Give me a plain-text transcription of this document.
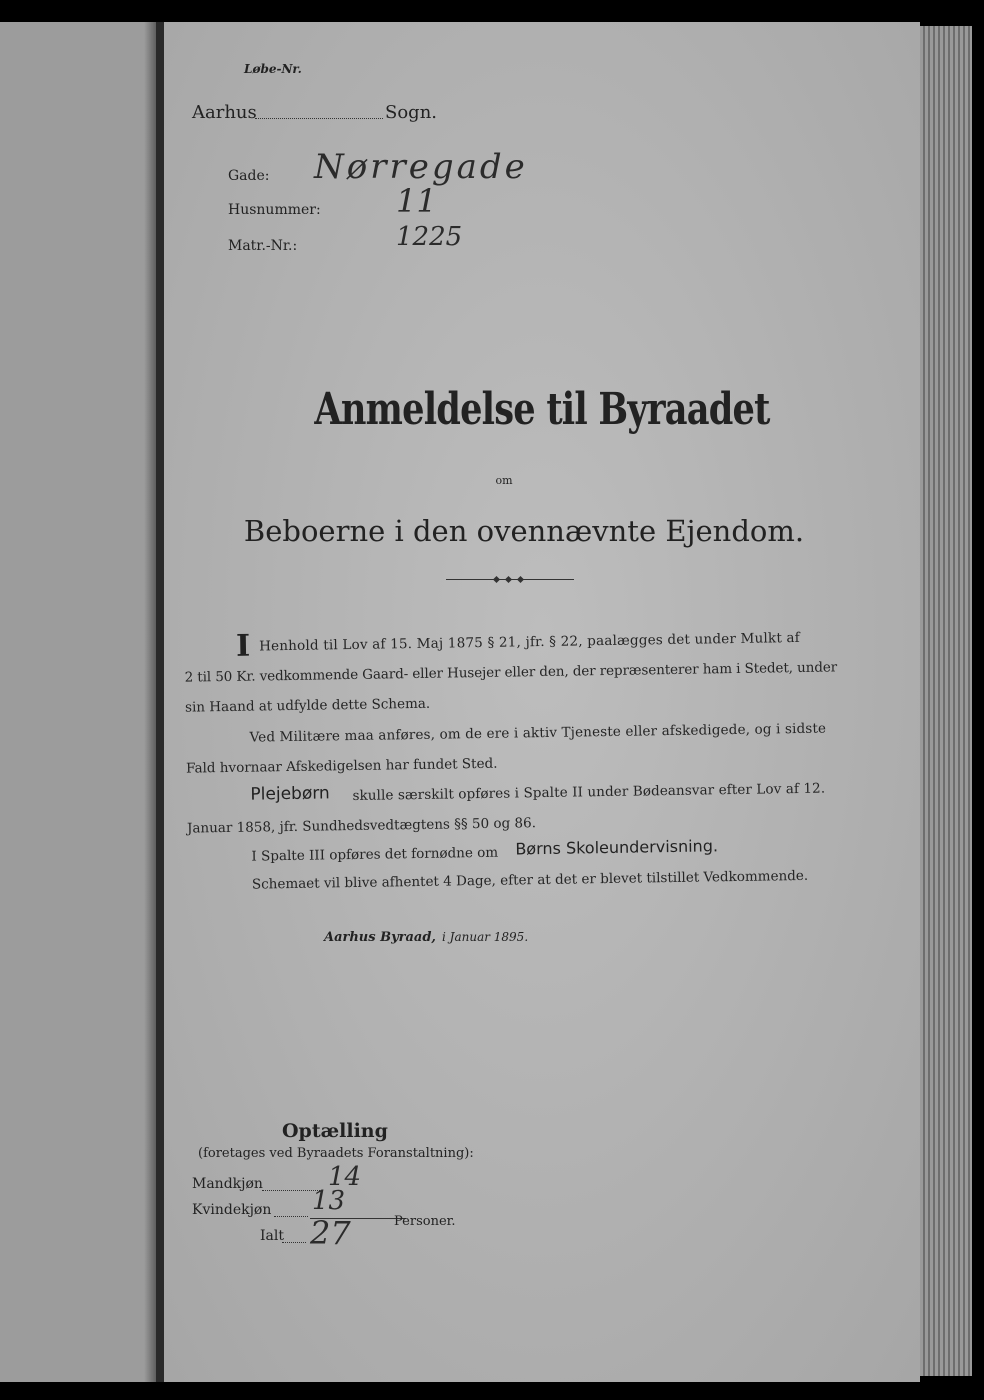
Løbe-Nr.
Aarhus	Sogn.
Gade: Nørregade
Husnummer: 11
Matr.-Nr.:	1225
Anmeldelse til Byraadet
om
Beboerne i den ovennævnte Ejendom.
I Henhold til Lov af 15. Maj 1875 § 21, jfr. § 22, paalægges det under Mulkt af
2 til 50 Kr. vedkommende Gaard- eller Husejer eller den, der repræsenterer ham i Stedet, under
sin Haand at udfylde dette Schema.
Ved Militære maa anføres, om de ere i aktiv Tjeneste eller afskedigede, og i sidste
Fald hvornaar Afskedigelsen har fundet Sted.
Plejebørn skulle særskilt opføres i Spalte II under Bødeansvar efter Lov af 12.
Januar 1858, jfr. Sundhedsvedtægtens §§ 50 og 86.
I Spalte III opføres det fornødne om Børns Skoleundervisning.
Schemaet vil blive afhentet 4 Dage, efter at det er blevet tilstillet Vedkommende.
Aarhus Byraad, i Januar 1895.
Optælling
(foretages ved Byraadets Foranstaltning):
Mandkjøn	14
Kvindekjøn 13
Ialt 27	Personer.
